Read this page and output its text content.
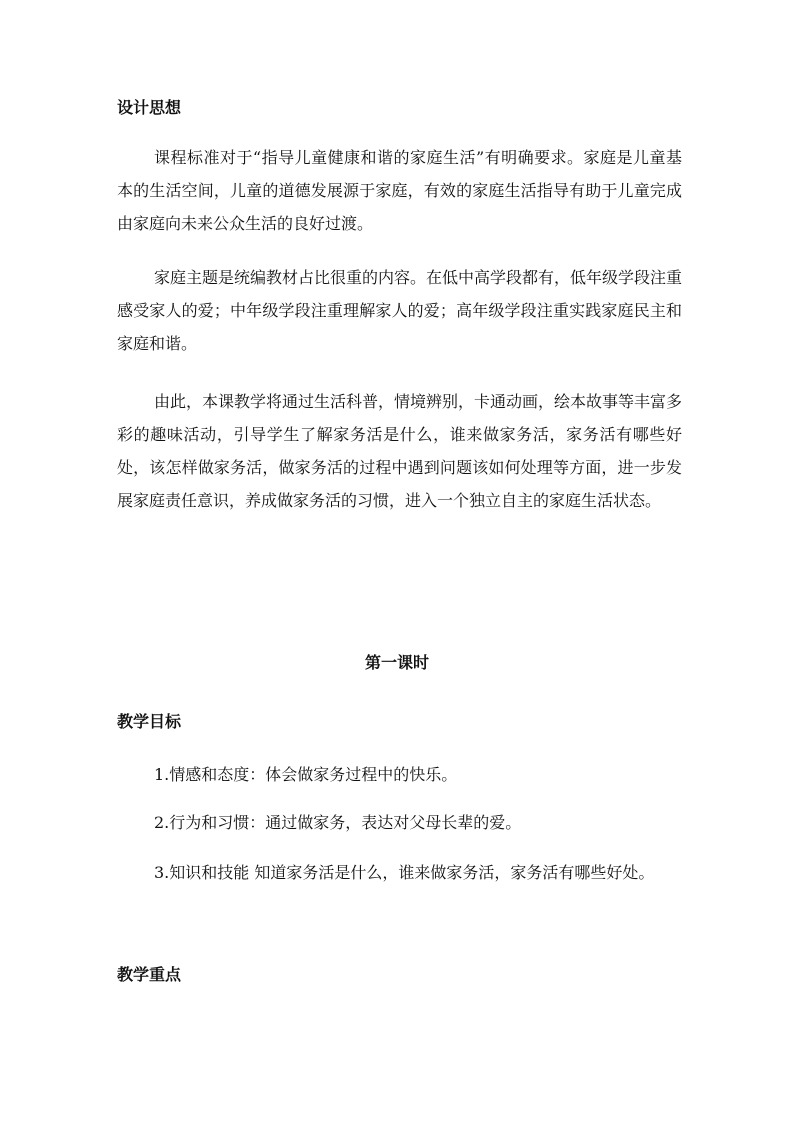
设计思想

课程标准对于“指导儿童健康和谐的家庭生活”有明确要求。家庭是儿童基本的生活空间，儿童的道德发展源于家庭，有效的家庭生活指导有助于儿童完成由家庭向未来公众生活的良好过渡。

家庭主题是统编教材占比很重的内容。在低中高学段都有，低年级学段注重感受家人的爱；中年级学段注重理解家人的爱；高年级学段注重实践家庭民主和家庭和谐。

由此，本课教学将通过生活科普，情境辨别，卡通动画，绘本故事等丰富多彩的趣味活动，引导学生了解家务活是什么，谁来做家务活，家务活有哪些好处，该怎样做家务活，做家务活的过程中遇到问题该如何处理等方面，进一步发展家庭责任意识，养成做家务活的习惯，进入一个独立自主的家庭生活状态。

第一课时
教学目标

1.情感和态度：体会做家务过程中的快乐。

2.行为和习惯：通过做家务，表达对父母长辈的爱。

3.知识和技能 知道家务活是什么，谁来做家务活，家务活有哪些好处。

教学重点
